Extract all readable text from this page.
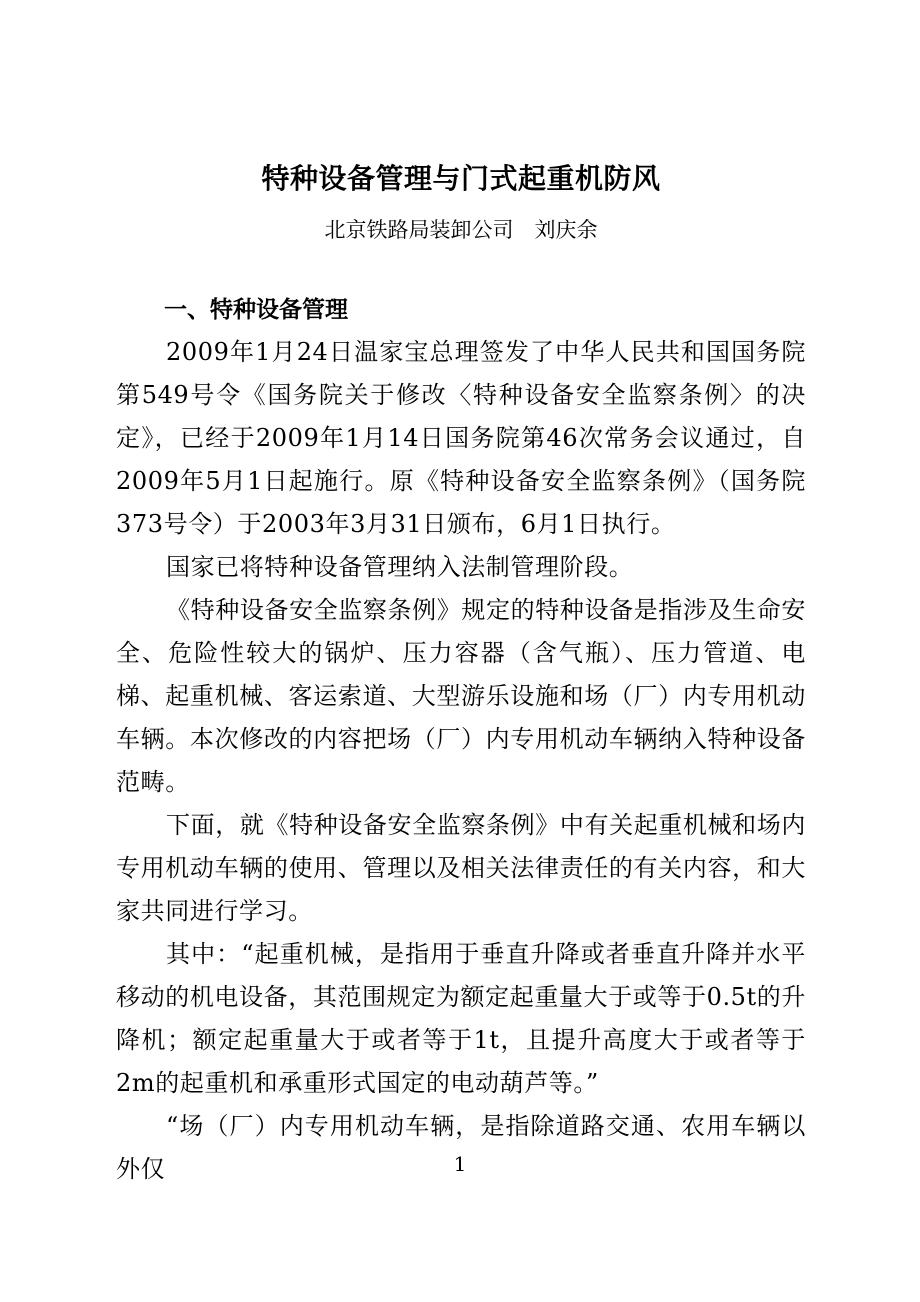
特种设备管理与门式起重机防风

北京铁路局装卸公司　刘庆余

一、特种设备管理

2009年1月24日温家宝总理签发了中华人民共和国国务院第549号令《国务院关于修改〈特种设备安全监察条例〉的决定》，已经于2009年1月14日国务院第46次常务会议通过，自2009年5月1日起施行。原《特种设备安全监察条例》（国务院373号令）于2003年3月31日颁布，6月1日执行。

国家已将特种设备管理纳入法制管理阶段。

《特种设备安全监察条例》规定的特种设备是指涉及生命安全、危险性较大的锅炉、压力容器（含气瓶）、压力管道、电梯、起重机械、客运索道、大型游乐设施和场（厂）内专用机动车辆。本次修改的内容把场（厂）内专用机动车辆纳入特种设备范畴。

下面，就《特种设备安全监察条例》中有关起重机械和场内专用机动车辆的使用、管理以及相关法律责任的有关内容，和大家共同进行学习。

其中：“起重机械，是指用于垂直升降或者垂直升降并水平移动的机电设备，其范围规定为额定起重量大于或等于0.5t的升降机；额定起重量大于或者等于1t，且提升高度大于或者等于2m的起重机和承重形式国定的电动葫芦等。”

“场（厂）内专用机动车辆，是指除道路交通、农用车辆以外仅	1
